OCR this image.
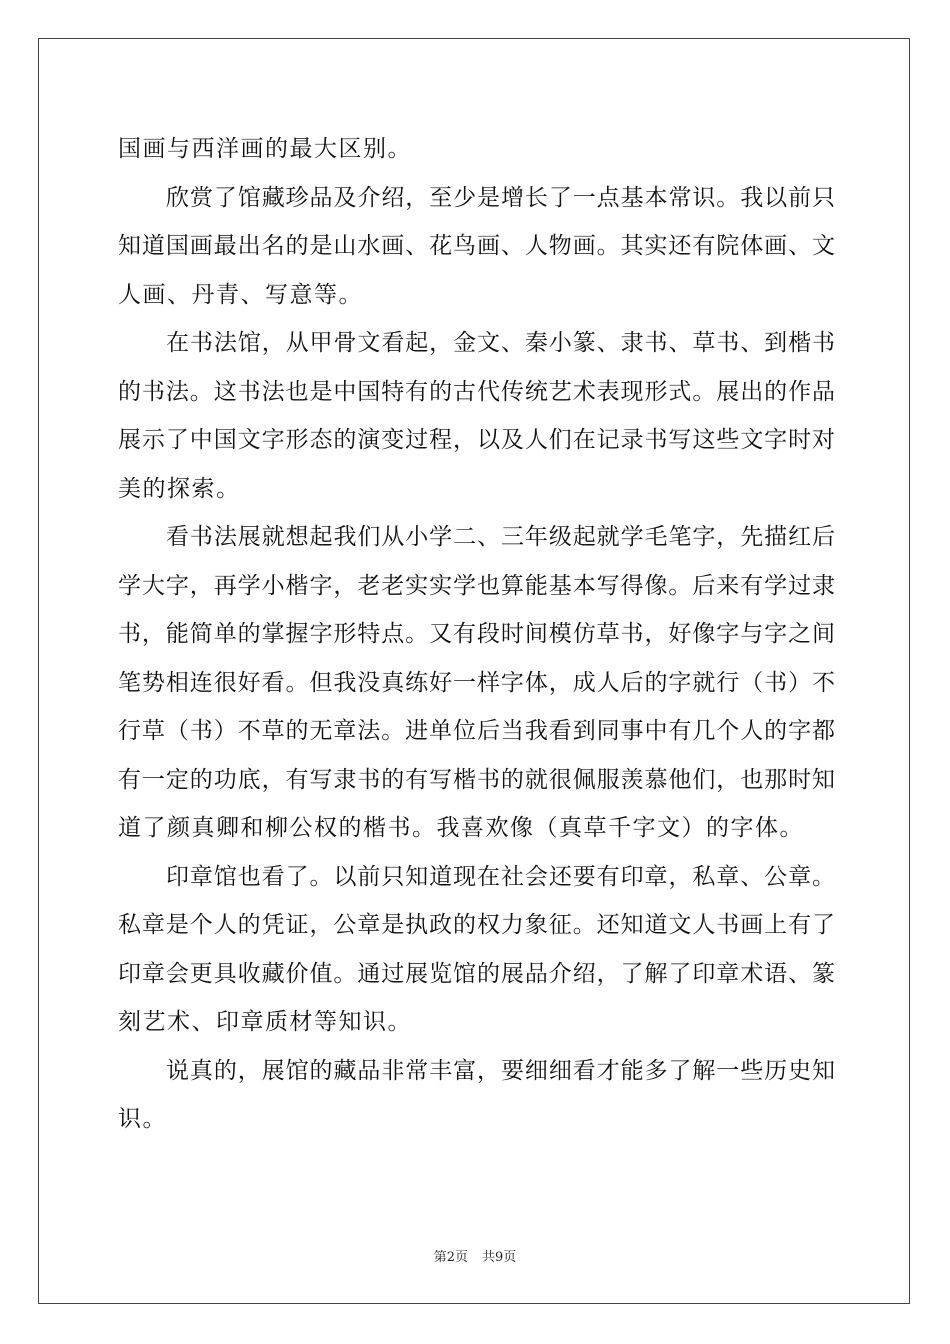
国画与西洋画的最大区别。
欣赏了馆藏珍品及介绍，至少是增长了一点基本常识。我以前只
知道国画最出名的是山水画、花鸟画、人物画。其实还有院体画、文
人画、丹青、写意等。
在书法馆，从甲骨文看起，金文、秦小篆、隶书、草书、到楷书
的书法。这书法也是中国特有的古代传统艺术表现形式。展出的作品
展示了中国文字形态的演变过程，以及人们在记录书写这些文字时对
美的探索。
看书法展就想起我们从小学二、三年级起就学毛笔字，先描红后
学大字，再学小楷字，老老实实学也算能基本写得像。后来有学过隶
书，能简单的掌握字形特点。又有段时间模仿草书，好像字与字之间
笔势相连很好看。但我没真练好一样字体，成人后的字就行（书）不
行草（书）不草的无章法。进单位后当我看到同事中有几个人的字都
有一定的功底，有写隶书的有写楷书的就很佩服羡慕他们，也那时知
道了颜真卿和柳公权的楷书。我喜欢像（真草千字文）的字体。
印章馆也看了。以前只知道现在社会还要有印章，私章、公章。
私章是个人的凭证，公章是执政的权力象征。还知道文人书画上有了
印章会更具收藏价值。通过展览馆的展品介绍，了解了印章术语、篆
刻艺术、印章质材等知识。
说真的，展馆的藏品非常丰富，要细细看才能多了解一些历史知
识。
第2页 共9页
